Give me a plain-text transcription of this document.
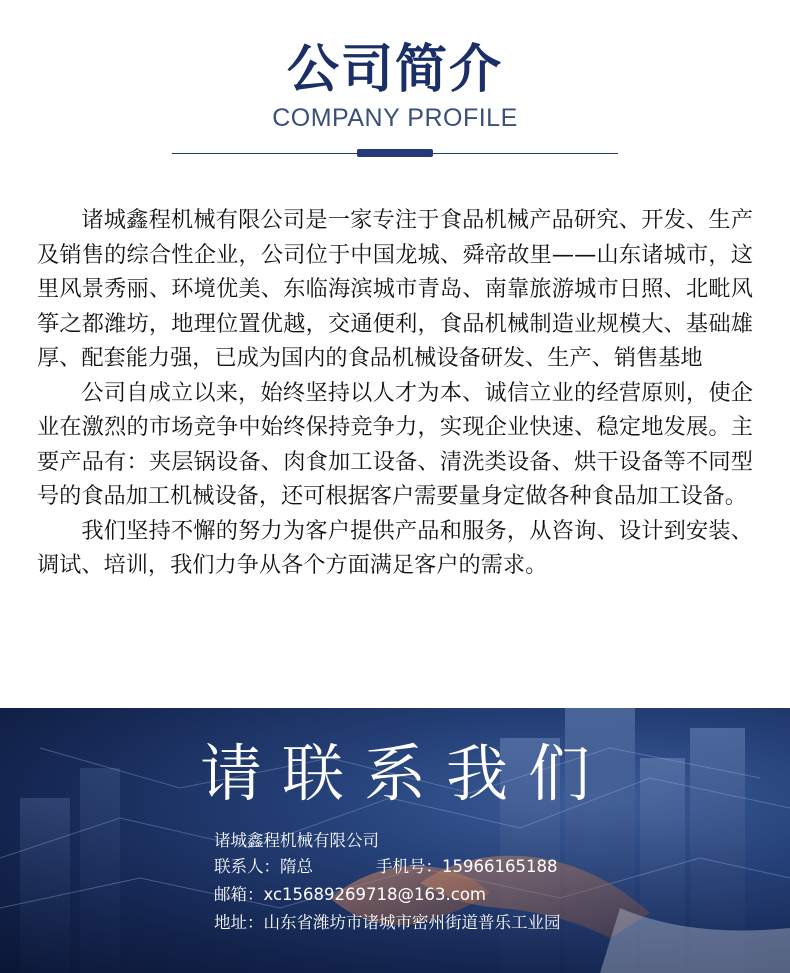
公司简介
COMPANY PROFILE

诸城鑫程机械有限公司是一家专注于食品机械产品研究、开发、生产及销售的综合性企业，公司位于中国龙城、舜帝故里——山东诸城市，这里风景秀丽、环境优美、东临海滨城市青岛、南靠旅游城市日照、北毗风筝之都潍坊，地理位置优越，交通便利，食品机械制造业规模大、基础雄厚、配套能力强，已成为国内的食品机械设备研发、生产、销售基地

公司自成立以来，始终坚持以人才为本、诚信立业的经营原则，使企业在激烈的市场竞争中始终保持竞争力，实现企业快速、稳定地发展。主要产品有：夹层锅设备、肉食加工设备、清洗类设备、烘干设备等不同型号的食品加工机械设备，还可根据客户需要量身定做各种食品加工设备。

我们坚持不懈的努力为客户提供产品和服务，从咨询、设计到安装、调试、培训，我们力争从各个方面满足客户的需求。

请联系我们
诸城鑫程机械有限公司
联系人：隋总	手机号：15966165188
邮箱：xc15689269718@163.com
地址：山东省潍坊市诸城市密州街道普乐工业园
